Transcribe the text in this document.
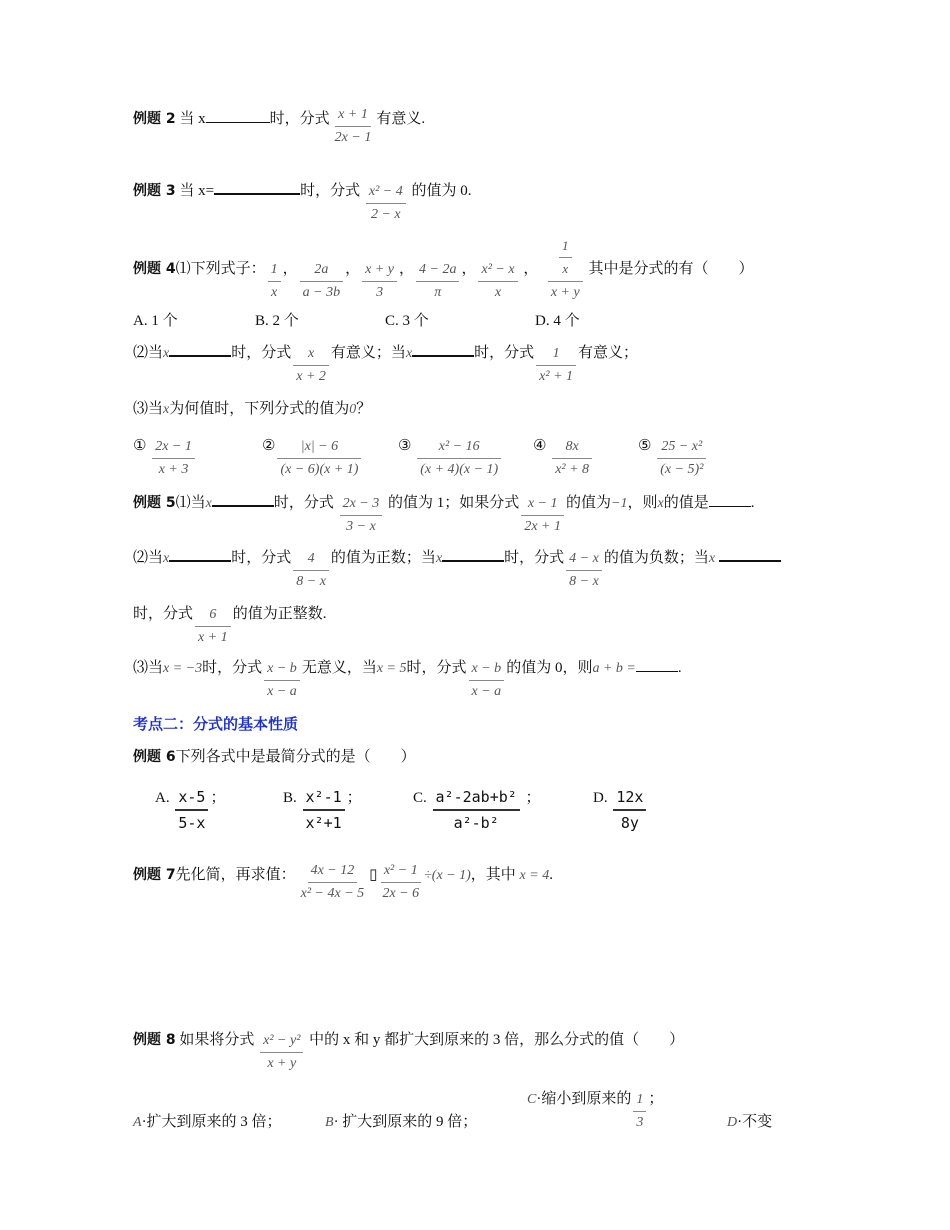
例题 2 当 x	时，分式 $\frac{x + 1}{2x - 1}$ 有意义.
例题 3 当 x=	时，分式 $\frac{\text{x² − 4}}{2 - x}$ 的值为 0.
例题 4 ⑴下列式子： $\frac{1}{x}$ ， $\frac{2a}{a - 3b}$ ， $\frac{x + y}{3}$ ， $\frac{4 - 2a}{\pi}$ ， $\frac{\text{x² − x}}{x}$ ， $\frac{\frac{1}{x}}{x + y}$ 其中是分式的有（　　）
⑵当 x	时，分式 $\frac{x}{x + 2}$ 有意义；当 x	时，分式 $\frac{1}{\text{x² + 1}}$ 有意义；
⑶当 x 为何值时，下列分式的值为 0 ？
例题 5 ⑴当 x	时，分式 $\frac{2x - 3}{3 - x}$ 的值为 1；如果分式 $\frac{x - 1}{2x + 1}$ 的值为 −1 ，则 x 的值是	.
⑵当 x	时，分式 $\frac{4}{8 - x}$ 的值为正数；当 x	时，分式 $\frac{4 - x}{8 - x}$ 的值为负数；当 x

时，分式 $\frac{6}{x + 1}$ 的值为正整数.
⑶当 x = −3 时，分式 $\frac{x - b}{x - a}$ 无意义，当 x = 5 时，分式 $\frac{x - b}{x - a}$ 的值为 0，则 a + b =	.
考点二：分式的基本性质
例题 6 下列各式中是最简分式的是（　　）
例题 7 先化简，再求值： $\frac{4x - 12}{\text{x² − 4x − 5}}$ ▯ $\frac{\text{x² − 1}}{2x - 6} \div(x - 1)$ ，其中 x = 4 .
例题 8 如果将分式 $\frac{\text{x² − y²}}{x + y}$ 中的 x 和 y 都扩大到原来的 3 倍，那么分式的值（　　）
A. 1 个	B. 2 个	C. 3 个	D. 4 个
① $\frac{2x - 1}{x + 3}$	② $\frac{|x| - 6}{(x - 6)(x + 1)}$ ③ $\frac{\text{x² − 16}}{(x + 4)(x - 1)}$ ④ $\frac{8x}{\text{x² + 8}}$	⑤ $\frac{\text{25 − x²}}{\text{(x − 5)²}}$
A. $\frac{x-5}{5-x}$ ；	B. $\frac{\text{x²-1}}{\text{x²+1}}$ ；	C. $\frac{\text{a²-2ab+b²}}{\text{a²-b²}}$ ；	D. $\frac{12x}{8y}$
A ·扩大到原来的 3 倍；	B · 扩大到原来的 9 倍；
C ·缩小到原来的 $\frac{1}{3}$ ；
D ·不变
